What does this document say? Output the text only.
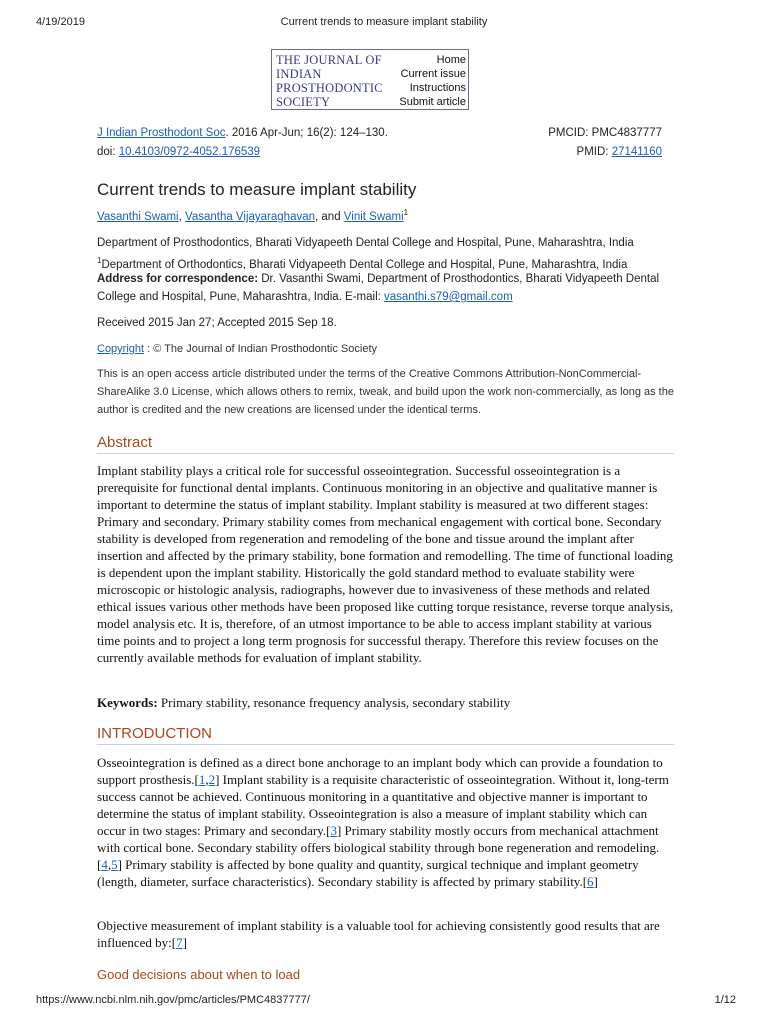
4/19/2019	Current trends to measure implant stability
THE JOURNAL OF
INDIAN
PROSTHODONTIC
SOCIETY
Home
Current issue
Instructions
Submit article
J Indian Prosthodont Soc. 2016 Apr-Jun; 16(2): 124–130.
doi: 10.4103/0972-4052.176539
PMCID: PMC4837777
PMID: 27141160
Current trends to measure implant stability
Vasanthi Swami, Vasantha Vijayaraghavan, and Vinit Swami$^1$
Department of Prosthodontics, Bharati Vidyapeeth Dental College and Hospital, Pune, Maharashtra, India
$^1$Department of Orthodontics, Bharati Vidyapeeth Dental College and Hospital, Pune, Maharashtra, India
Address for correspondence: Dr. Vasanthi Swami, Department of Prosthodontics, Bharati Vidyapeeth Dental College and Hospital, Pune, Maharashtra, India. E-mail: vasanthi.s79@gmail.com
Received 2015 Jan 27; Accepted 2015 Sep 18.
Copyright : © The Journal of Indian Prosthodontic Society
This is an open access article distributed under the terms of the Creative Commons Attribution-NonCommercial-ShareAlike 3.0 License, which allows others to remix, tweak, and build upon the work non-commercially, as long as the author is credited and the new creations are licensed under the identical terms.
Abstract
Implant stability plays a critical role for successful osseointegration. Successful osseointegration is a prerequisite for functional dental implants. Continuous monitoring in an objective and qualitative manner is important to determine the status of implant stability. Implant stability is measured at two different stages: Primary and secondary. Primary stability comes from mechanical engagement with cortical bone. Secondary stability is developed from regeneration and remodeling of the bone and tissue around the implant after insertion and affected by the primary stability, bone formation and remodelling. The time of functional loading is dependent upon the implant stability. Historically the gold standard method to evaluate stability were microscopic or histologic analysis, radiographs, however due to invasiveness of these methods and related ethical issues various other methods have been proposed like cutting torque resistance, reverse torque analysis, model analysis etc. It is, therefore, of an utmost importance to be able to access implant stability at various time points and to project a long term prognosis for successful therapy. Therefore this review focuses on the currently available methods for evaluation of implant stability.
Keywords: Primary stability, resonance frequency analysis, secondary stability
INTRODUCTION
Osseointegration is defined as a direct bone anchorage to an implant body which can provide a foundation to support prosthesis.[1,2] Implant stability is a requisite characteristic of osseointegration. Without it, long-term success cannot be achieved. Continuous monitoring in a quantitative and objective manner is important to determine the status of implant stability. Osseointegration is also a measure of implant stability which can occur in two stages: Primary and secondary.[3] Primary stability mostly occurs from mechanical attachment with cortical bone. Secondary stability offers biological stability through bone regeneration and remodeling.[4,5] Primary stability is affected by bone quality and quantity, surgical technique and implant geometry (length, diameter, surface characteristics). Secondary stability is affected by primary stability.[6]
Objective measurement of implant stability is a valuable tool for achieving consistently good results that are influenced by:[7]
Good decisions about when to load
https://www.ncbi.nlm.nih.gov/pmc/articles/PMC4837777/	1/12
